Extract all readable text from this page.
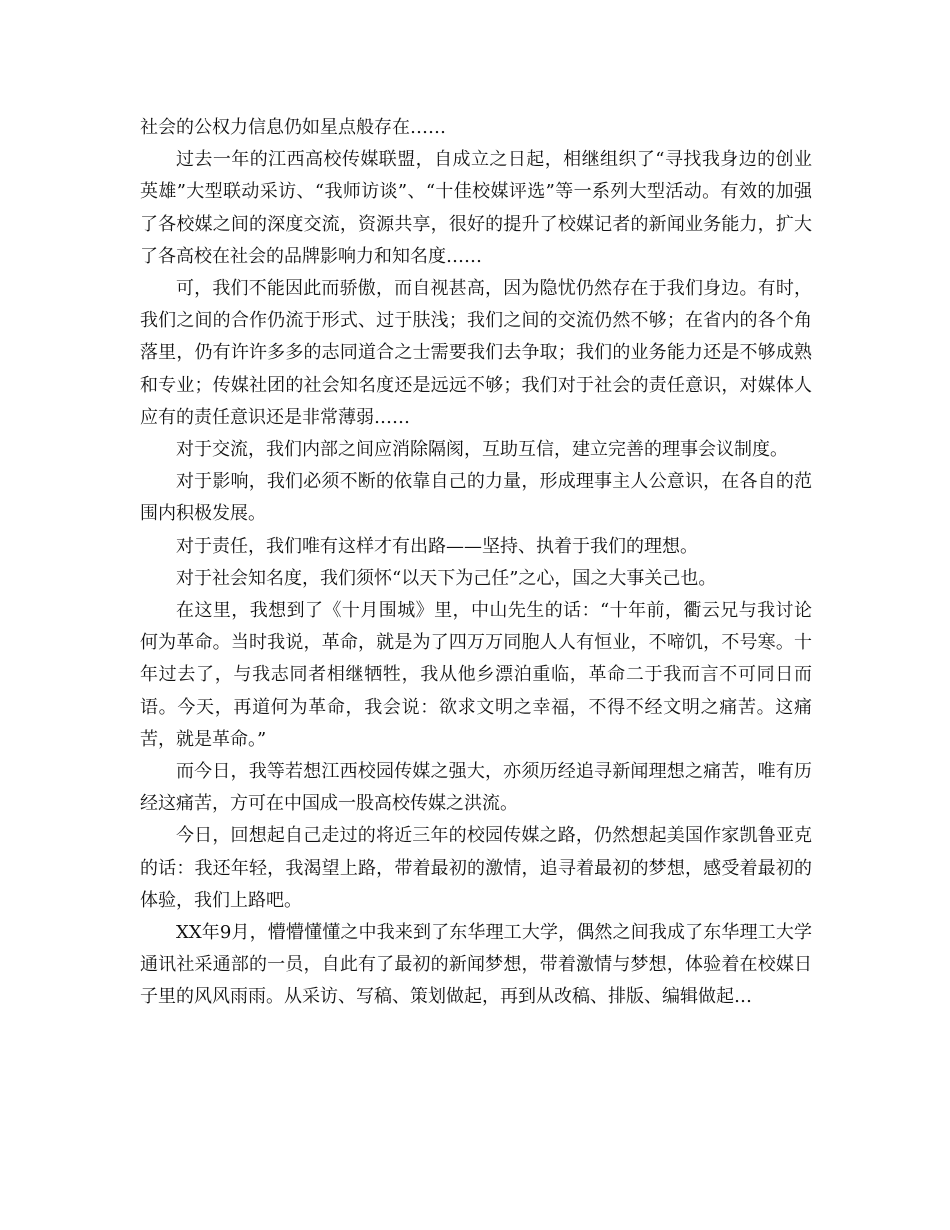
社会的公权力信息仍如星点般存在……

过去一年的江西高校传媒联盟，自成立之日起，相继组织了“寻找我身边的创业英雄”大型联动采访、“我师访谈”、“十佳校媒评选”等一系列大型活动。有效的加强了各校媒之间的深度交流，资源共享，很好的提升了校媒记者的新闻业务能力，扩大了各高校在社会的品牌影响力和知名度……

可，我们不能因此而骄傲，而自视甚高，因为隐忧仍然存在于我们身边。有时，我们之间的合作仍流于形式、过于肤浅；我们之间的交流仍然不够；在省内的各个角落里，仍有许许多多的志同道合之士需要我们去争取；我们的业务能力还是不够成熟和专业；传媒社团的社会知名度还是远远不够；我们对于社会的责任意识，对媒体人应有的责任意识还是非常薄弱……

对于交流，我们内部之间应消除隔阂，互助互信，建立完善的理事会议制度。

对于影响，我们必须不断的依靠自己的力量，形成理事主人公意识，在各自的范围内积极发展。

对于责任，我们唯有这样才有出路——坚持、执着于我们的理想。

对于社会知名度，我们须怀“以天下为己任”之心，国之大事关己也。

在这里，我想到了《十月围城》里，中山先生的话：“十年前，衢云兄与我讨论何为革命。当时我说，革命，就是为了四万万同胞人人有恒业，不啼饥，不号寒。十年过去了，与我志同者相继牺牲，我从他乡漂泊重临，革命二于我而言不可同日而语。今天，再道何为革命，我会说：欲求文明之幸福，不得不经文明之痛苦。这痛苦，就是革命。”

而今日，我等若想江西校园传媒之强大，亦须历经追寻新闻理想之痛苦，唯有历经这痛苦，方可在中国成一股高校传媒之洪流。

今日，回想起自己走过的将近三年的校园传媒之路，仍然想起美国作家凯鲁亚克的话：我还年轻，我渴望上路，带着最初的激情，追寻着最初的梦想，感受着最初的体验，我们上路吧。

XX年9月，懵懵懂懂之中我来到了东华理工大学，偶然之间我成了东华理工大学通讯社采通部的一员，自此有了最初的新闻梦想，带着激情与梦想，体验着在校媒日子里的风风雨雨。从采访、写稿、策划做起，再到从改稿、排版、编辑做起…
